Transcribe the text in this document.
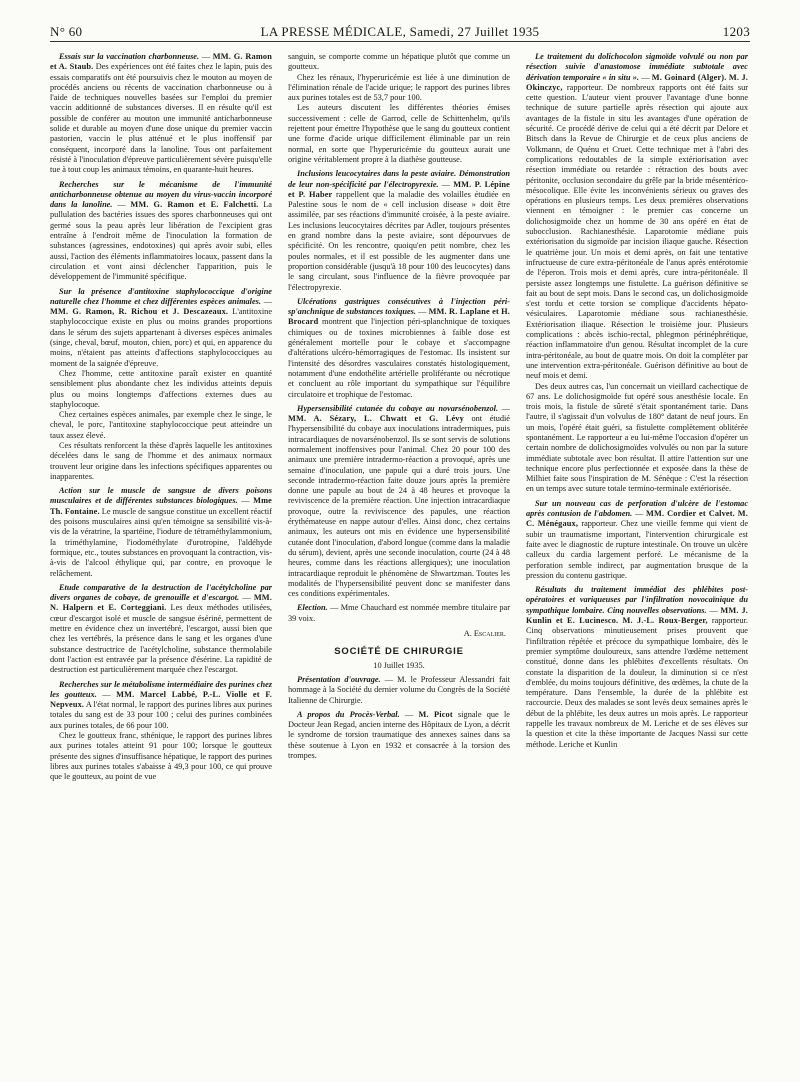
N° 60	LA PRESSE MÉDICALE, Samedi, 27 Juillet 1935	1203

Essais sur la vaccination charbonneuse. — MM. G. Ramon et A. Staub. Des expériences ont été faites chez le lapin, puis des essais comparatifs ont été poursuivis chez le mouton au moyen de procédés anciens ou récents de vaccination charbonneuse ou à l'aide de techniques nouvelles basées sur l'emploi du premier vaccin additionné de substances diverses. Il en résulte qu'il est possible de conférer au mouton une immunité anticharbonneuse solide et durable au moyen d'une dose unique du premier vaccin pastorien, vaccin le plus atténué et le plus inoffensif par conséquent, incorporé dans la lanoline. Tous ont parfaitement résisté à l'inoculation d'épreuve particulièrement sévère puisqu'elle tue à tout coup les animaux témoins, en quarante-huit heures.

Recherches sur le mécanisme de l'immunité anticharbonneuse obtenue au moyen du virus-vaccin incorporé dans la lanoline. — MM. G. Ramon et E. Falchetti. La pullulation des bactéries issues des spores charbonneuses qui ont germé sous la peau après leur libération de l'excipient gras entraîne à l'endroit même de l'inoculation la formation de substances (agressines, endotoxines) qui après avoir subi, elles aussi, l'action des éléments inflammatoires locaux, passent dans la circulation et vont ainsi déclencher l'apparition, puis le développement de l'immunité spécifique.

Sur la présence d'antitoxine staphylococcique d'origine naturelle chez l'homme et chez différentes espèces animales. — MM. G. Ramon, R. Richou et J. Descazeaux. L'antitoxine staphylococcique existe en plus ou moins grandes proportions dans le sérum des sujets appartenant à diverses espèces animales (singe, cheval, bœuf, mouton, chien, porc) et qui, en apparence du moins, n'étaient pas atteints d'affections staphylococciques au moment de la saignée d'épreuve.

Chez l'homme, cette antitoxine paraît exister en quantité sensiblement plus abondante chez les individus atteints depuis plus ou moins longtemps d'affections externes dues au staphylocoque.

Chez certaines espèces animales, par exemple chez le singe, le cheval, le porc, l'antitoxine staphylococcique peut atteindre un taux assez élevé.

Ces résultats renforcent la thèse d'après laquelle les antitoxines décelées dans le sang de l'homme et des animaux normaux trouvent leur origine dans les infections spécifiques apparentes ou inapparentes.

Action sur le muscle de sangsue de divers poisons musculaires et de différentes substances biologiques. — Mme Th. Fontaine. Le muscle de sangsue constitue un excellent réactif des poisons musculaires ainsi qu'en témoigne sa sensibilité vis-à-vis de la vératrine, la spartéine, l'iodure de tétraméthylammonium, la triméthylamine, l'iodométhylate d'urotropine, l'aldéhyde formique, etc., toutes substances en provoquant la contraction, vis-à-vis de l'alcool éthylique qui, par contre, en provoque le relâchement.

Etude comparative de la destruction de l'acétylcholine par divers organes de cobaye, de grenouille et d'escargot. — MM. N. Halpern et E. Corteggiani. Les deux méthodes utilisées, cœur d'escargot isolé et muscle de sangsue ésériné, permettent de mettre en évidence chez un invertébré, l'escargot, aussi bien que chez les vertébrés, la présence dans le sang et les organes d'une substance destructrice de l'acétylcholine, substance thermolabile dont l'action est entravée par la présence d'ésérine. La rapidité de destruction est particulièrement marquée chez l'escargot.

Recherches sur le métabolisme intermédiaire des purines chez les goutteux. — MM. Marcel Labbé, P.-L. Violle et F. Nepveux. A l'état normal, le rapport des purines libres aux purines totales du sang est de 33 pour 100 ; celui des purines combinées aux purines totales, de 66 pour 100.

Chez le goutteux franc, sthénique, le rapport des purines libres aux purines totales atteint 91 pour 100; lorsque le goutteux présente des signes d'insuffisance hépatique, le rapport des purines libres aux purines totales s'abaisse à 49,3 pour 100, ce qui prouve que le goutteux, au point de vue

sanguin, se comporte comme un hépatique plutôt que comme un goutteux.

Chez les rénaux, l'hyperuricémie est liée à une diminution de l'élimination rénale de l'acide urique; le rapport des purines libres aux purines totales est de 53,7 pour 100.

Les auteurs discutent les différentes théories émises successivement : celle de Garrod, celle de Schittenhelm, qu'ils rejettent pour émettre l'hypothèse que le sang du goutteux contient une forme d'acide urique difficilement éliminable par un rein normal, en sorte que l'hyperuricémie du goutteux aurait une origine véritablement propre à la diathèse goutteuse.

Inclusions leucocytaires dans la peste aviaire. Démonstration de leur non-spécificité par l'électropyrexie. — MM. P. Lépine et P. Haber rappellent que la maladie des volailles étudiée en Palestine sous le nom de « cell inclusion disease » doit être assimilée, par ses réactions d'immunité croisée, à la peste aviaire. Les inclusions leucocytaires décrites par Adler, toujours présentes en grand nombre dans la peste aviaire, sont dépourvues de spécificité. On les rencontre, quoiqu'en petit nombre, chez les poules normales, et il est possible de les augmenter dans une proportion considérable (jusqu'à 18 pour 100 des leucocytes) dans le sang circulant, sous l'influence de la fièvre provoquée par l'électropyrexie.

Ulcérations gastriques consécutives à l'injection péri-sp'anchnique de substances toxiques. — MM. R. Laplane et H. Brocard montrent que l'injection péri-splanchnique de toxiques chimiques ou de toxines microbiennes à faible dose est généralement mortelle pour le cobaye et s'accompagne d'altérations ulcéro-hémorragiques de l'estomac. Ils insistent sur l'intensité des désordres vasculaires constatés histologiquement, notamment d'une endothélite artérielle proliférante ou nécrotique et concluent au rôle important du sympathique sur l'équilibre circulatoire et trophique de l'estomac.

Hypersensibilité cutanée du cobaye au novarsénobenzol. — MM. A. Sézary, L. Chwatt et G. Lévy ont étudié l'hypersensibilité du cobaye aux inoculations intradermiques, puis intracardiaques de novarsénobenzol. Ils se sont servis de solutions normalement inoffensives pour l'animal. Chez 20 pour 100 des animaux une première intradermo-réaction a provoqué, après une semaine d'inoculation, une papule qui a duré trois jours. Une seconde intradermo-réaction faite douze jours après la première donne une papule au bout de 24 à 48 heures et provoque la reviviscence de la première réaction. Une injection intracardiaque provoque, outre la reviviscence des papules, une réaction érythémateuse en nappe autour d'elles. Ainsi donc, chez certains animaux, les auteurs ont mis en évidence une hypersensibilité cutanée dont l'inoculation, d'abord longue (comme dans la maladie du sérum), devient, après une seconde inoculation, courte (24 à 48 heures, comme dans les réactions allergiques); une inoculation intracardiaque reproduit le phénomène de Shwartzman. Toutes les modalités de l'hypersensibilité peuvent donc se manifester dans ces conditions expérimentales.

Election. — Mme Chauchard est nommée membre titulaire par 39 voix.

A. Escalier.
SOCIÉTÉ DE CHIRURGIE
10 Juillet 1935.

Présentation d'ouvrage. — M. le Professeur Alessandri fait hommage à la Société du dernier volume du Congrès de la Société Italienne de Chirurgie.

A propos du Procès-Verbal. — M. Picot signale que le Docteur Jean Regad, ancien interne des Hôpitaux de Lyon, a décrit le syndrome de torsion traumatique des annexes saines dans sa thèse soutenue à Lyon en 1932 et consacrée à la torsion des trompes.

Le traitement du dolichocolon sigmoïde volvulé ou non par résection suivie d'anastomose immédiate subtotale avec dérivation temporaire « in situ ». — M. Goinard (Alger). M. J. Okinczyc, rapporteur. De nombreux rapports ont été faits sur cette question. L'auteur vient prouver l'avantage d'une bonne technique de suture partielle après résection qui ajoute aux avantages de la fistule in situ les avantages d'une opération de sécurité. Ce procédé dérive de celui qui a été décrit par Delore et Bitsch dans la Revue de Chirurgie et de ceux plus anciens de Volkmann, de Quénu et Cruet. Cette technique met à l'abri des complications redoutables de la simple extériorisation avec résection immédiate ou retardée : rétraction des bouts avec péritonite, occlusion secondaire du grêle par la bride mésentérico-mésocolique. Elle évite les inconvénients sérieux ou graves des opérations en plusieurs temps. Les deux premières observations viennent en témoigner : le premier cas concerne un dolichosigmoïde chez un homme de 30 ans opéré en état de subocclusion. Rachianesthésie. Laparotomie médiane puis extériorisation du sigmoïde par incision iliaque gauche. Résection le quatrième jour. Un mois et demi après, on fait une tentative infructueuse de cure extra-péritonéale de l'anus après entérotomie de l'éperon. Trois mois et demi après, cure intra-péritonéale. Il persiste assez longtemps une fistulette. La guérison définitive se fait au bout de sept mois. Dans le second cas, un dolichosigmoïde s'est tordu et cette torsion se complique d'accidents hépato-vésiculaires. Laparotomie médiane sous rachianesthésie. Extériorisation iliaque. Résection le troisième jour. Plusieurs complications : abcès ischio-rectal, phlegmon périnéphrétique, réaction inflammatoire d'un genou. Résultat incomplet de la cure intra-péritonéale, au bout de quatre mois. On doit la compléter par une intervention extra-péritonéale. Guérison définitive au bout de neuf mois et demi.

Des deux autres cas, l'un concernait un vieillard cachectique de 67 ans. Le dolichosigmoïde fut opéré sous anesthésie locale. En trois mois, la fistule de sûreté s'était spontanément tarie. Dans l'autre, il s'agissait d'un volvulus de 180° datant de neuf jours. En un mois, l'opéré était guéri, sa fistulette complètement oblitérée spontanément. Le rapporteur a eu lui-même l'occasion d'opérer un certain nombre de dolichosigmoïdes volvulés ou non par la suture immédiate subtotale avec bon résultat. Il attire l'attention sur une technique encore plus perfectionnée et exposée dans la thèse de Milhiet faite sous l'inspiration de M. Sénèque : C'est la résection en un temps avec suture totale termino-terminale extériorisée.

Sur un nouveau cas de perforation d'ulcère de l'estomac après contusion de l'abdomen. — MM. Cordier et Calvet. M. C. Ménégaux, rapporteur. Chez une vieille femme qui vient de subir un traumatisme important, l'intervention chirurgicale est faite avec le diagnostic de rupture intestinale. On trouve un ulcère calleux du cardia largement perforé. Le mécanisme de la perforation semble indirect, par augmentation brusque de la pression du contenu gastrique.

Résultats du traitement immédiat des phlébites post-opératoires et variqueuses par l'infiltration novocaïnique du sympathique lombaire. Cinq nouvelles observations. — MM. J. Kunlin et E. Lucinesco. M. J.-L. Roux-Berger, rapporteur. Cinq observations minutieusement prises prouvent que l'infiltration répétée et précoce du sympathique lombaire, dès le premier symptôme douloureux, sans attendre l'œdème nettement constitué, donne dans les phlébites d'excellents résultats. On constate la disparition de la douleur, la diminution si ce n'est d'emblée, du moins toujours définitive, des œdèmes, la chute de la température. Dans l'ensemble, la durée de la phlébite est raccourcie. Deux des malades se sont levés deux semaines après le début de la phlébite, les deux autres un mois après. Le rapporteur rappelle les travaux nombreux de M. Leriche et de ses élèves sur la question et cite la thèse importante de Jacques Nassi sur cette méthode. Leriche et Kunlin
